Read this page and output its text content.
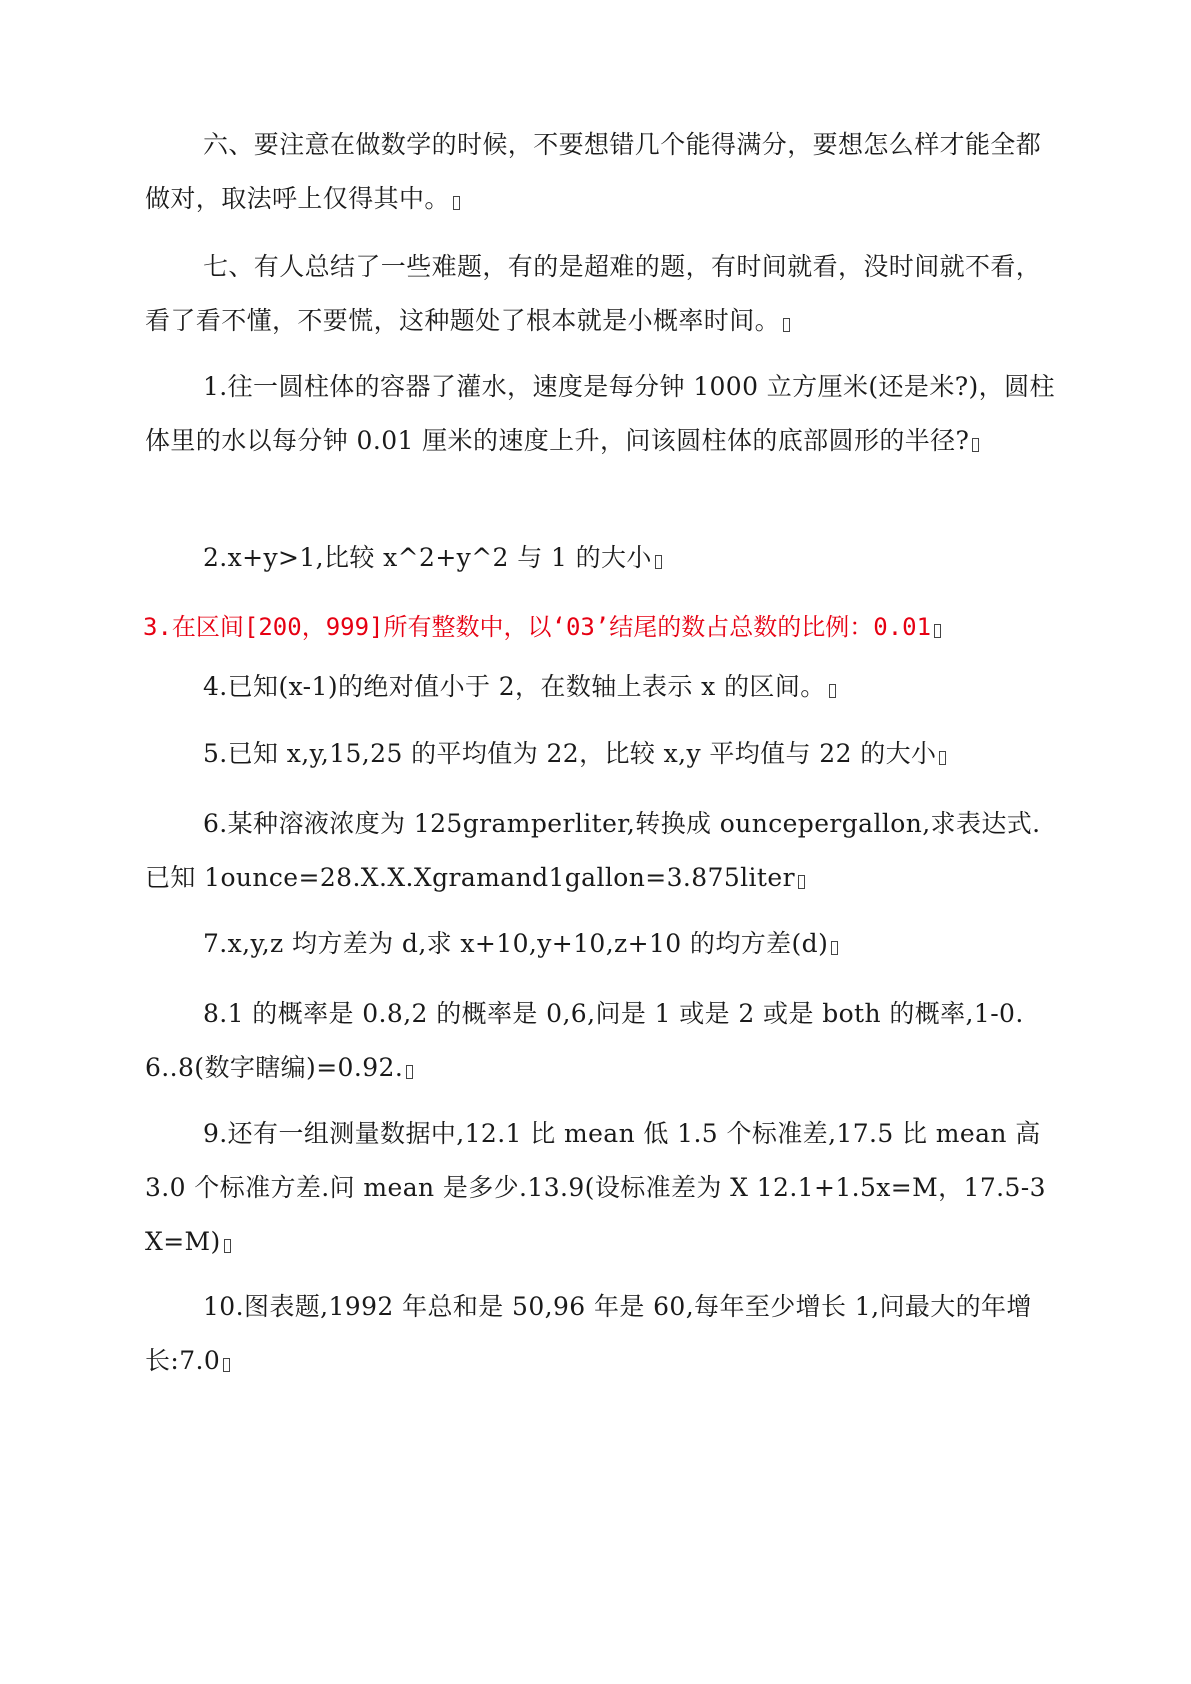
六、要注意在做数学的时候，不要想错几个能得满分，要想怎么样才能全都做对，取法呼上仅得其中。

七、有人总结了一些难题，有的是超难的题，有时间就看，没时间就不看，看了看不懂，不要慌，这种题处了根本就是小概率时间。

1.往一圆柱体的容器了灌水，速度是每分钟 1000 立方厘米(还是米?)，圆柱体里的水以每分钟 0.01 厘米的速度上升，问该圆柱体的底部圆形的半径?

2.x+y>1,比较 x^2+y^2 与 1 的大小

3.在区间[200，999]所有整数中，以‘03’结尾的数占总数的比例：0.01

4.已知(x-1)的绝对值小于 2，在数轴上表示 x 的区间。

5.已知 x,y,15,25 的平均值为 22，比较 x,y 平均值与 22 的大小

6.某种溶液浓度为 125gramperliter,转换成 ouncepergallon,求表达式.已知 1ounce=28.X.X.Xgramand1gallon=3.875liter

7.x,y,z 均方差为 d,求 x+10,y+10,z+10 的均方差(d)

8.1 的概率是 0.8,2 的概率是 0,6,问是 1 或是 2 或是 both 的概率,1-0.6..8(数字瞎编)=0.92.

9.还有一组测量数据中,12.1 比 mean 低 1.5 个标准差,17.5 比 mean 高 3.0 个标准方差.问 mean 是多少.13.9(设标准差为 X 12.1+1.5x=M，17.5-3X=M)

10.图表题,1992 年总和是 50,96 年是 60,每年至少增长 1,问最大的年增长:7.0
